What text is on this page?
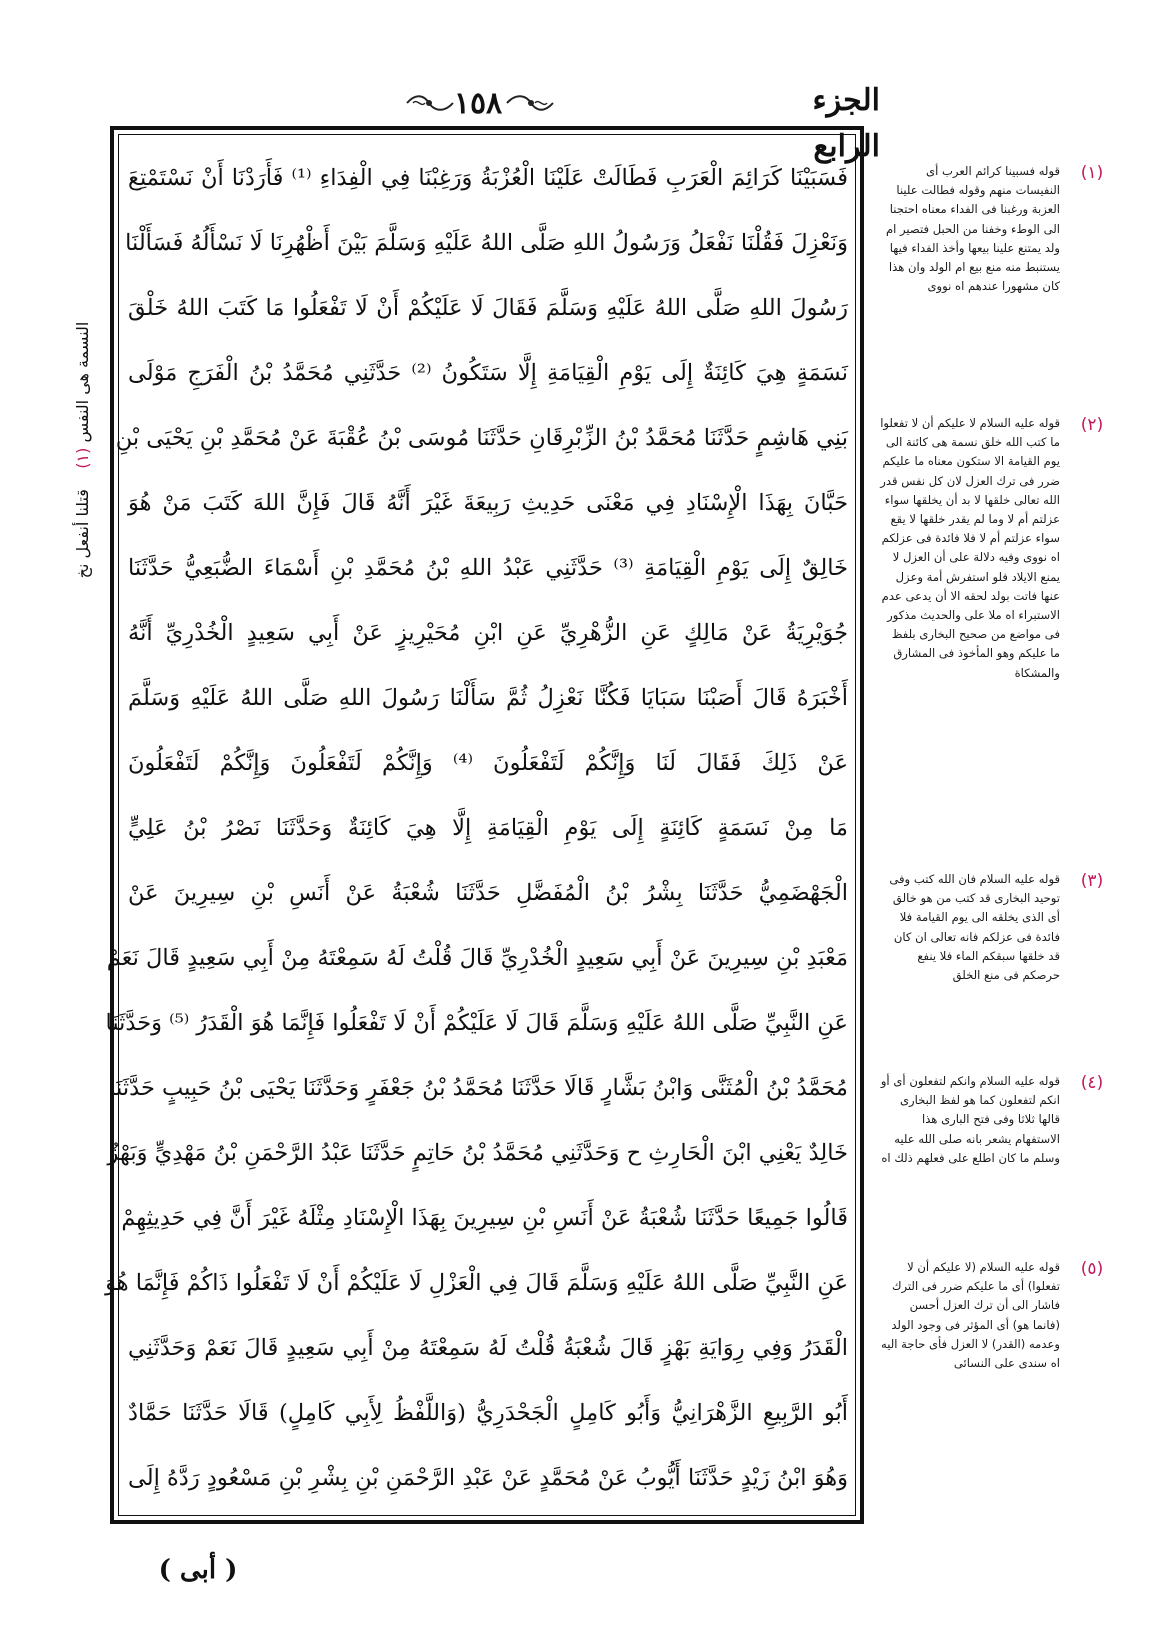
الجزء الرابع
١٥٨
النسمة هى النفس (١)    قتلنا أنفعل نخ
فَسَبَيْنَا كَرَائِمَ الْعَرَبِ فَطَالَتْ عَلَيْنَا الْعُزْبَةُ وَرَغِبْنَا فِي الْفِدَاءِ ⁽¹⁾ فَأَرَدْنَا أَنْ نَسْتَمْتِعَ
وَنَعْزِلَ فَقُلْنَا نَفْعَلُ وَرَسُولُ اللهِ صَلَّى اللهُ عَلَيْهِ وَسَلَّمَ بَيْنَ أَظْهُرِنَا لَا نَسْأَلُهُ فَسَأَلْنَا
رَسُولَ اللهِ صَلَّى اللهُ عَلَيْهِ وَسَلَّمَ فَقَالَ لَا عَلَيْكُمْ أَنْ لَا تَفْعَلُوا مَا كَتَبَ اللهُ خَلْقَ
نَسَمَةٍ هِيَ كَائِنَةٌ إِلَى يَوْمِ الْقِيَامَةِ إِلَّا سَتَكُونُ ⁽²⁾ حَدَّثَنِي مُحَمَّدُ بْنُ الْفَرَجِ مَوْلَى
بَنِي هَاشِمٍ حَدَّثَنَا مُحَمَّدُ بْنُ الزِّبْرِقَانِ حَدَّثَنَا مُوسَى بْنُ عُقْبَةَ عَنْ مُحَمَّدِ بْنِ يَحْيَى بْنِ
حَبَّانَ بِهَذَا الْإِسْنَادِ فِي مَعْنَى حَدِيثِ رَبِيعَةَ غَيْرَ أَنَّهُ قَالَ فَإِنَّ اللهَ كَتَبَ مَنْ هُوَ
خَالِقٌ إِلَى يَوْمِ الْقِيَامَةِ ⁽³⁾ حَدَّثَنِي عَبْدُ اللهِ بْنُ مُحَمَّدِ بْنِ أَسْمَاءَ الضُّبَعِيُّ حَدَّثَنَا
جُوَيْرِيَةُ عَنْ مَالِكٍ عَنِ الزُّهْرِيِّ عَنِ ابْنِ مُحَيْرِيزٍ عَنْ أَبِي سَعِيدٍ الْخُدْرِيِّ أَنَّهُ
أَخْبَرَهُ قَالَ أَصَبْنَا سَبَايَا فَكُنَّا نَعْزِلُ ثُمَّ سَأَلْنَا رَسُولَ اللهِ صَلَّى اللهُ عَلَيْهِ وَسَلَّمَ
عَنْ ذَلِكَ فَقَالَ لَنَا وَإِنَّكُمْ لَتَفْعَلُونَ ⁽⁴⁾ وَإِنَّكُمْ لَتَفْعَلُونَ وَإِنَّكُمْ لَتَفْعَلُونَ
مَا مِنْ نَسَمَةٍ كَائِنَةٍ إِلَى يَوْمِ الْقِيَامَةِ إِلَّا هِيَ كَائِنَةٌ وَحَدَّثَنَا نَصْرُ بْنُ عَلِيٍّ
الْجَهْضَمِيُّ حَدَّثَنَا بِشْرُ بْنُ الْمُفَضَّلِ حَدَّثَنَا شُعْبَةُ عَنْ أَنَسِ بْنِ سِيرِينَ عَنْ
مَعْبَدِ بْنِ سِيرِينَ عَنْ أَبِي سَعِيدٍ الْخُدْرِيِّ قَالَ قُلْتُ لَهُ سَمِعْتَهُ مِنْ أَبِي سَعِيدٍ قَالَ نَعَمْ
عَنِ النَّبِيِّ صَلَّى اللهُ عَلَيْهِ وَسَلَّمَ قَالَ لَا عَلَيْكُمْ أَنْ لَا تَفْعَلُوا فَإِنَّمَا هُوَ الْقَدَرُ ⁽⁵⁾ وَحَدَّثَنَا
مُحَمَّدُ بْنُ الْمُثَنَّى وَابْنُ بَشَّارٍ قَالَا حَدَّثَنَا مُحَمَّدُ بْنُ جَعْفَرٍ وَحَدَّثَنَا يَحْيَى بْنُ حَبِيبٍ حَدَّثَنَا
خَالِدٌ يَعْنِي ابْنَ الْحَارِثِ ح وَحَدَّثَنِي مُحَمَّدُ بْنُ حَاتِمٍ حَدَّثَنَا عَبْدُ الرَّحْمَنِ بْنُ مَهْدِيٍّ وَبَهْزٌ
قَالُوا جَمِيعًا حَدَّثَنَا شُعْبَةُ عَنْ أَنَسِ بْنِ سِيرِينَ بِهَذَا الْإِسْنَادِ مِثْلَهُ غَيْرَ أَنَّ فِي حَدِيثِهِمْ
عَنِ النَّبِيِّ صَلَّى اللهُ عَلَيْهِ وَسَلَّمَ قَالَ فِي الْعَزْلِ لَا عَلَيْكُمْ أَنْ لَا تَفْعَلُوا ذَاكُمْ فَإِنَّمَا هُوَ
الْقَدَرُ وَفِي رِوَايَةِ بَهْزٍ قَالَ شُعْبَةُ قُلْتُ لَهُ سَمِعْتَهُ مِنْ أَبِي سَعِيدٍ قَالَ نَعَمْ وَحَدَّثَنِي
أَبُو الرَّبِيعِ الزَّهْرَانِيُّ وَأَبُو كَامِلٍ الْجَحْدَرِيُّ (وَاللَّفْظُ لِأَبِي كَامِلٍ) قَالَا حَدَّثَنَا حَمَّادٌ
وَهُوَ ابْنُ زَيْدٍ حَدَّثَنَا أَيُّوبُ عَنْ مُحَمَّدٍ عَنْ عَبْدِ الرَّحْمَنِ بْنِ بِشْرِ بْنِ مَسْعُودٍ رَدَّهُ إِلَى
(١)
قوله فسبينا كرائم العرب أى النفيسات منهم وقوله فطالت علينا العزبة ورغبنا فى الفداء معناه احتجنا الى الوطء وخفنا من الحبل فتصير ام ولد يمتنع علينا بيعها وأخذ الفداء فيها يستنبط منه منع بيع ام الولد وان هذا كان مشهورا عندهم اه نووى
(٢)
قوله عليه السلام لا عليكم أن لا تفعلوا ما كتب الله خلق نسمة هى كائنة الى يوم القيامة الا ستكون معناه ما عليكم ضرر فى ترك العزل لان كل نفس قدر الله تعالى خلقها لا بد أن يخلقها سواء عزلتم أم لا وما لم يقدر خلقها لا يقع سواء عزلتم أم لا فلا فائدة فى عزلكم اه نووى وفيه دلالة على أن العزل لا يمنع الايلاد فلو استفرش أمة وعزل عنها فاتت بولد لحقه الا أن يدعى عدم الاستبراء اه ملا على والحديث مذكور فى مواضع من صحيح البخارى بلفظ ما عليكم وهو المأخوذ فى المشارق والمشكاة
(٣)
قوله عليه السلام فان الله كتب وفى توحيد البخارى قد كتب من هو خالق أى الذى يخلقه الى يوم القيامة فلا فائدة فى عزلكم فانه تعالى ان كان قد خلقها سبقكم الماء فلا ينفع حرصكم فى منع الخلق
(٤)
قوله عليه السلام وانكم لتفعلون أى أو انكم لتفعلون كما هو لفظ البخارى قالها ثلاثا وفى فتح البارى هذا الاستفهام يشعر بانه صلى الله عليه وسلم ما كان اطلع على فعلهم ذلك اه
(٥)
قوله عليه السلام (لا عليكم أن لا تفعلوا) أى ما عليكم ضرر فى الترك فاشار الى أن ترك العزل أحسن (فانما هو) أى المؤثر فى وجود الولد وعدمه (القدر) لا العزل فأى حاجة اليه اه سندى على النسائى
( أبى )
